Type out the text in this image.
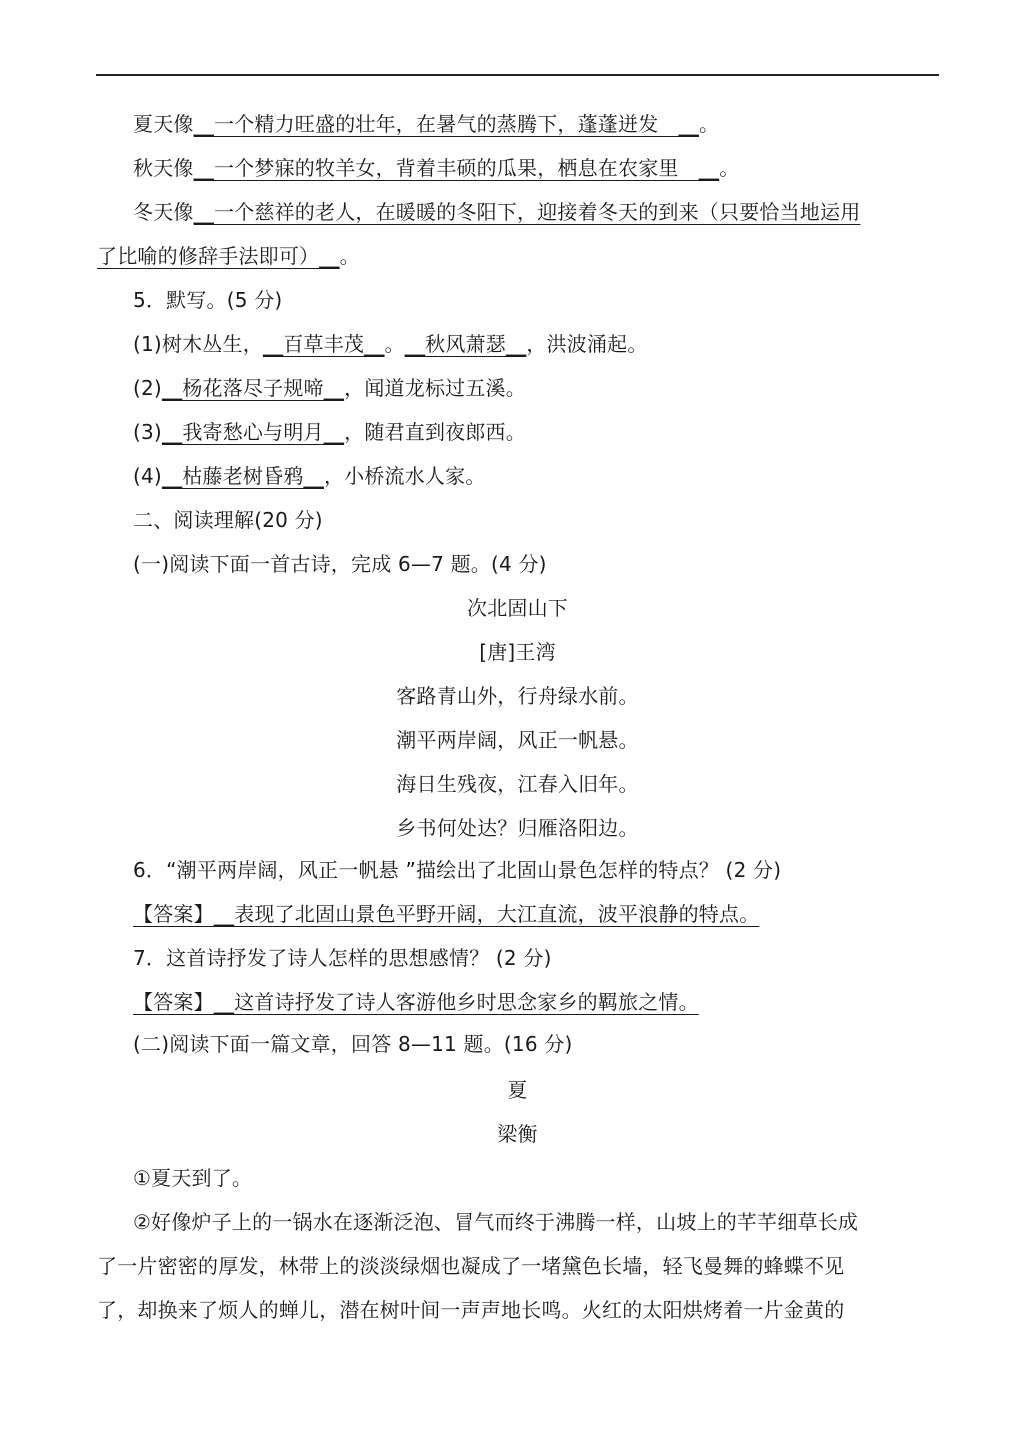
夏天像__一个精力旺盛的壮年，在暑气的蒸腾下，蓬蓬迸发　__。
秋天像__一个梦寐的牧羊女，背着丰硕的瓜果，栖息在农家里　__。
冬天像__一个慈祥的老人，在暖暖的冬阳下，迎接着冬天的到来（只要恰当地运用
了比喻的修辞手法即可）__。
5．默写。(5 分)
(1)树木丛生，__百草丰茂__。__秋风萧瑟__，洪波涌起。
(2)__杨花落尽子规啼__，闻道龙标过五溪。
(3)__我寄愁心与明月__，随君直到夜郎西。
(4)__枯藤老树昏鸦__，小桥流水人家。
二、阅读理解(20 分)
(一)阅读下面一首古诗，完成 6—7 题。(4 分)
次北固山下
[唐]王湾
客路青山外，行舟绿水前。
潮平两岸阔，风正一帆悬。
海日生残夜，江春入旧年。
乡书何处达？归雁洛阳边。
6．“潮平两岸阔，风正一帆悬 ”描绘出了北固山景色怎样的特点？ (2 分)
【答案】__表现了北固山景色平野开阔，大江直流，波平浪静的特点。
7．这首诗抒发了诗人怎样的思想感情？ (2 分)
【答案】__这首诗抒发了诗人客游他乡时思念家乡的羁旅之情。
(二)阅读下面一篇文章，回答 8—11 题。(16 分)
夏
梁衡
①夏天到了。
②好像炉子上的一锅水在逐渐泛泡、冒气而终于沸腾一样，山坡上的芊芊细草长成
了一片密密的厚发，林带上的淡淡绿烟也凝成了一堵黛色长墙，轻飞曼舞的蜂蝶不见
了，却换来了烦人的蝉儿，潜在树叶间一声声地长鸣。火红的太阳烘烤着一片金黄的
